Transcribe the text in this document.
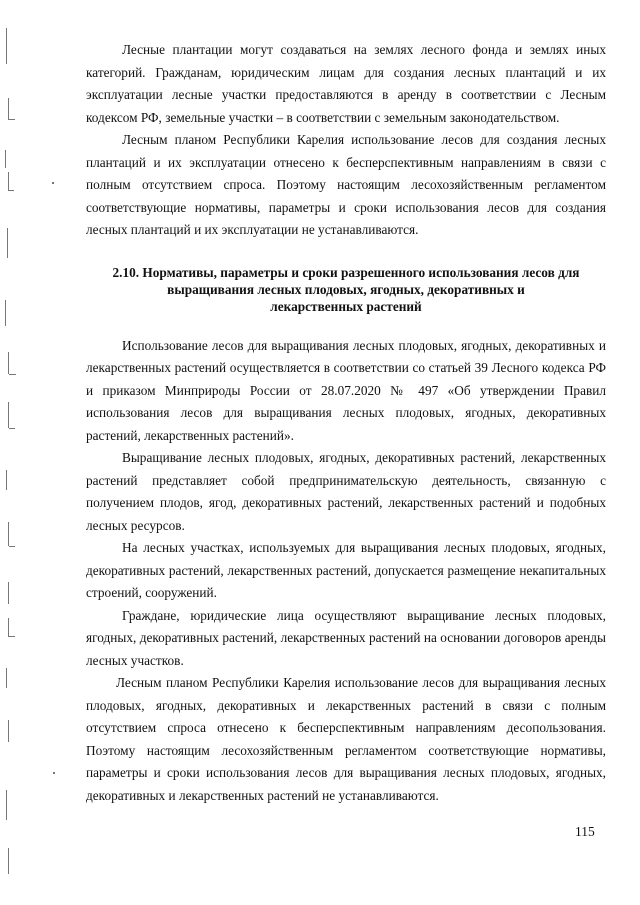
Лесные плантации могут создаваться на землях лесного фонда и землях иных категорий. Гражданам, юридическим лицам для создания лесных плантаций и их эксплуатации лесные участки предоставляются в аренду в соответствии с Лесным кодексом РФ, земельные участки – в соответствии с земельным законодательством.

Лесным планом Республики Карелия использование лесов для создания лесных плантаций и их эксплуатации отнесено к бесперспективным направлениям в связи с полным отсутствием спроса. Поэтому настоящим лесохозяйственным регламентом соответствующие нормативы, параметры и сроки использования лесов для создания лесных плантаций и их эксплуатации не устанавливаются.

2.10. Нормативы, параметры и сроки разрешенного использования лесов для
выращивания лесных плодовых, ягодных, декоративных и
лекарственных растений

Использование лесов для выращивания лесных плодовых, ягодных, декоративных и лекарственных растений осуществляется в соответствии со статьей 39 Лесного кодекса РФ и приказом Минприроды России от 28.07.2020 № 497 «Об утверждении Правил использования лесов для выращивания лесных плодовых, ягодных, декоративных растений, лекарственных растений».

Выращивание лесных плодовых, ягодных, декоративных растений, лекарственных растений представляет собой предпринимательскую деятельность, связанную с получением плодов, ягод, декоративных растений, лекарственных растений и подобных лесных ресурсов.

На лесных участках, используемых для выращивания лесных плодовых, ягодных, декоративных растений, лекарственных растений, допускается размещение некапитальных строений, сооружений.

Граждане, юридические лица осуществляют выращивание лесных плодовых, ягодных, декоративных растений, лекарственных растений на основании договоров аренды лесных участков.

Лесным планом Республики Карелия использование лесов для выращивания лесных плодовых, ягодных, декоративных и лекарственных растений в связи с полным отсутствием спроса отнесено к бесперспективным направлениям десопользования. Поэтому настоящим лесохозяйственным регламентом соответствующие нормативы, параметры и сроки использования лесов для выращивания лесных плодовых, ягодных, декоративных и лекарственных растений не устанавливаются.

115
